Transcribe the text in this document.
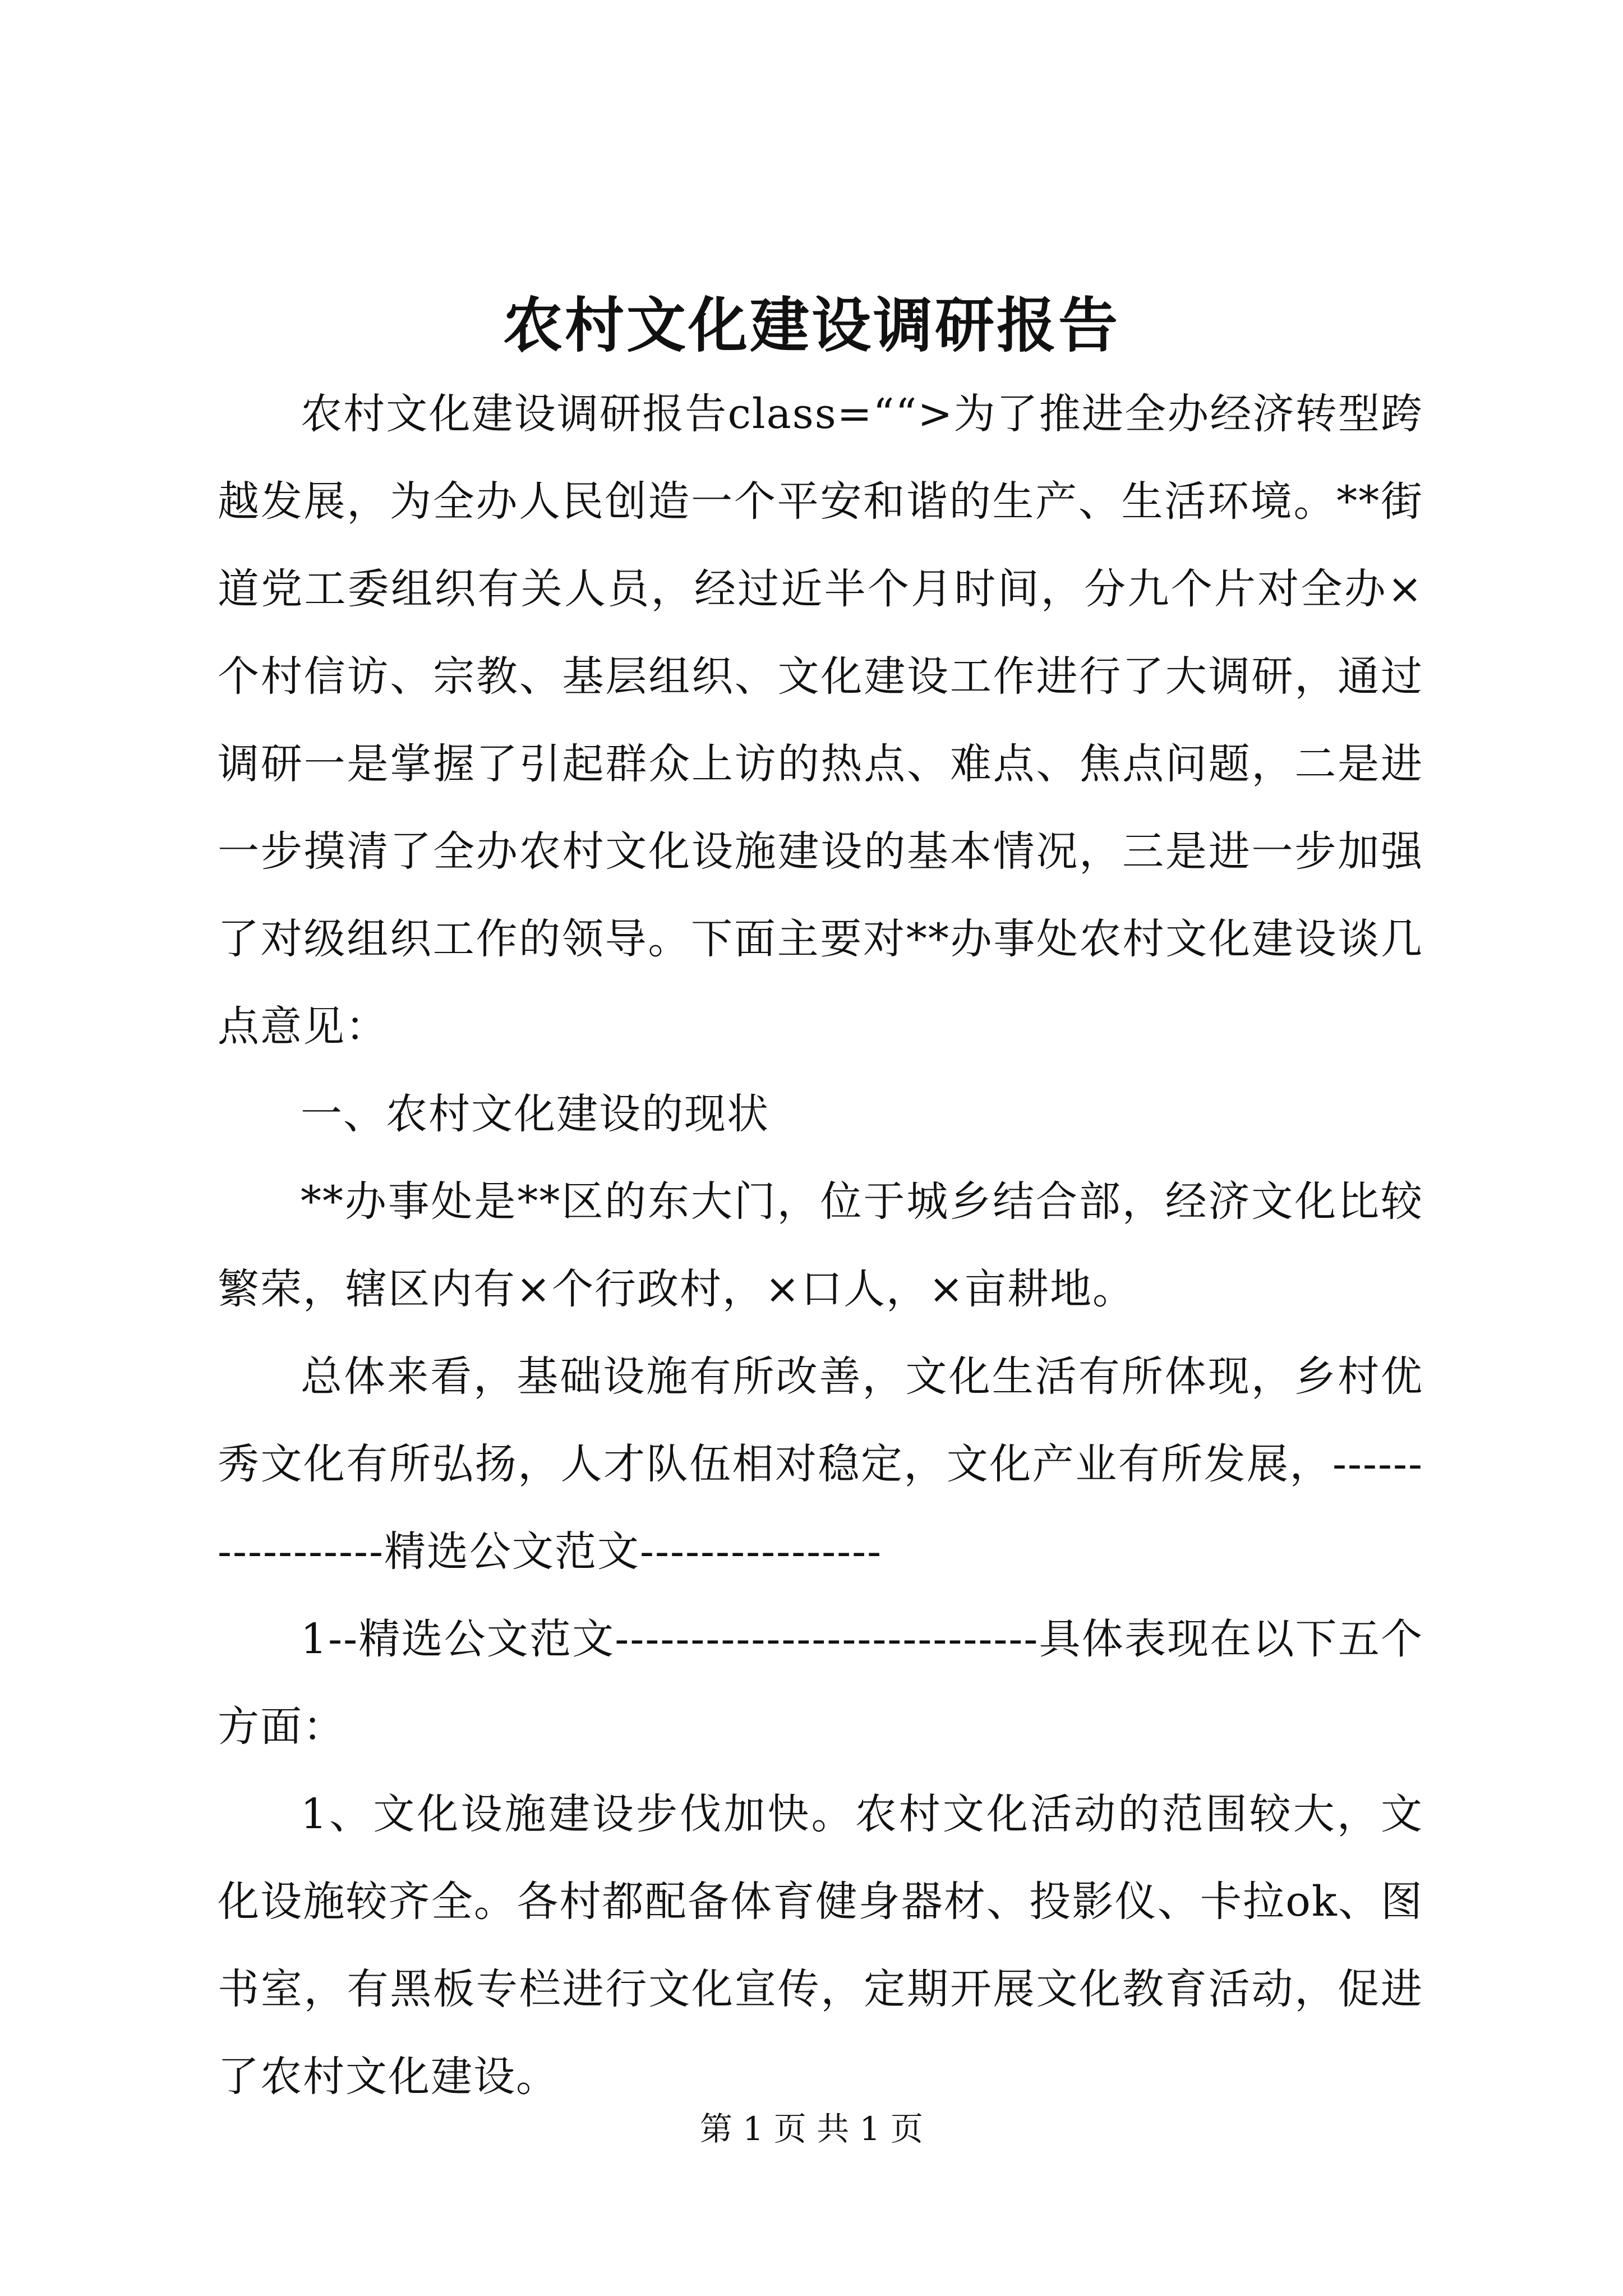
农村文化建设调研报告

农村文化建设调研报告class=““>为了推进全办经济转型跨越发展，为全办人民创造一个平安和谐的生产、生活环境。**街道党工委组织有关人员，经过近半个月时间，分九个片对全办×个村信访、宗教、基层组织、文化建设工作进行了大调研，通过调研一是掌握了引起群众上访的热点、难点、焦点问题，二是进一步摸清了全办农村文化设施建设的基本情况，三是进一步加强了对级组织工作的领导。下面主要对**办事处农村文化建设谈几点意见：

一、农村文化建设的现状

**办事处是**区的东大门，位于城乡结合部，经济文化比较繁荣，辖区内有×个行政村，×口人，×亩耕地。

总体来看，基础设施有所改善，文化生活有所体现，乡村优秀文化有所弘扬，人才队伍相对稳定，文化产业有所发展，-----------------精选公文范文----------------

1--精选公文范文----------------------------具体表现在以下五个方面：

1、文化设施建设步伐加快。农村文化活动的范围较大，文化设施较齐全。各村都配备体育健身器材、投影仪、卡拉ok、图书室，有黑板专栏进行文化宣传，定期开展文化教育活动，促进了农村文化建设。

第 1 页 共 1 页
